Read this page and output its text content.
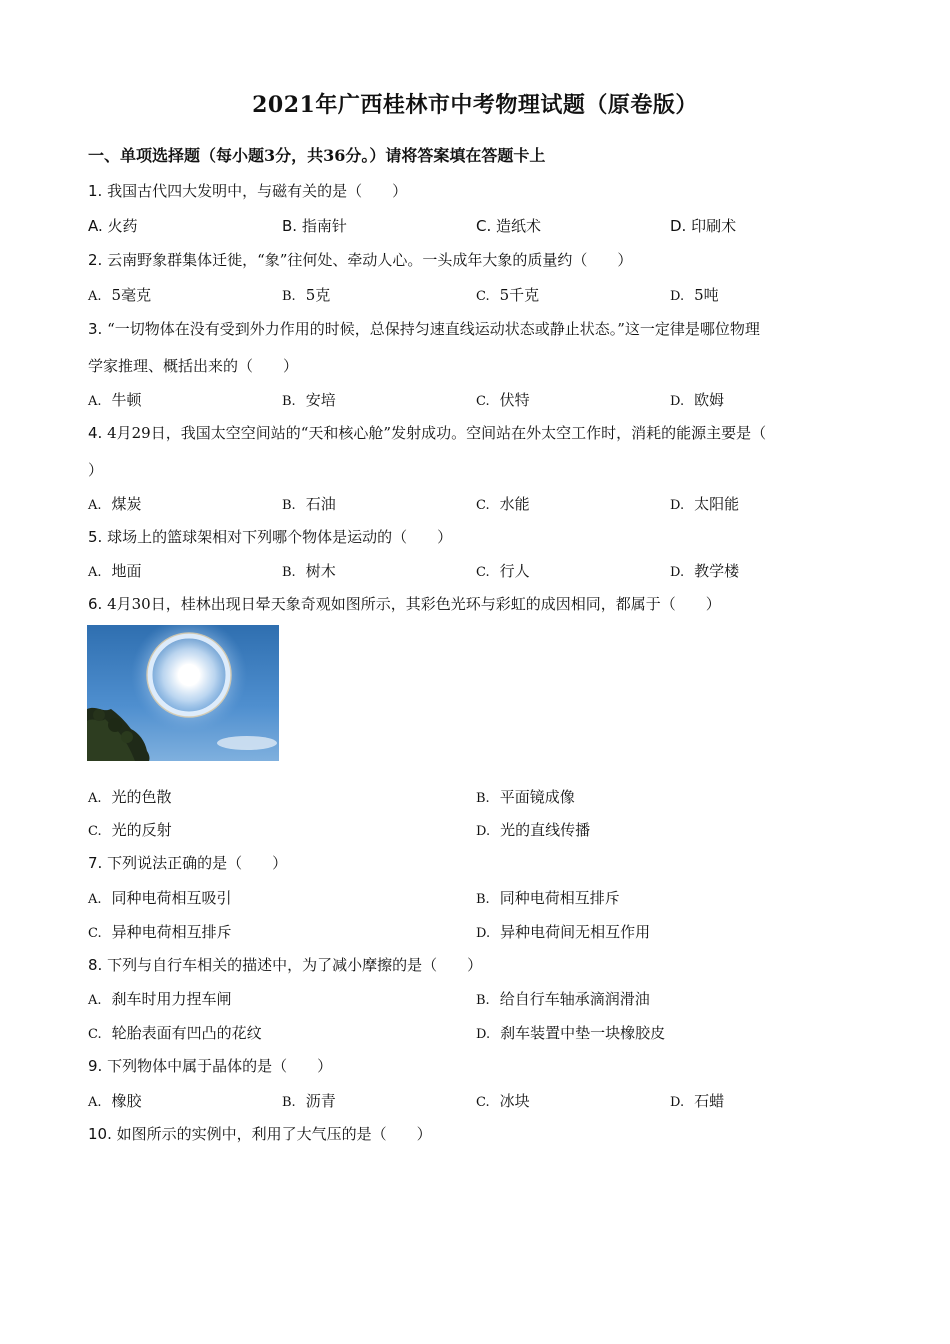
2021年广西桂林市中考物理试题（原卷版）
一、单项选择题（每小题3分，共36分。）请将答案填在答题卡上
1. 我国古代四大发明中，与磁有关的是（　　）
A. 火药	B. 指南针	C. 造纸术	D. 印刷术
2. 云南野象群集体迁徙，“象”往何处、牵动人心。一头成年大象的质量约（　　）
A. 5毫克	B. 5克	C. 5千克	D. 5吨
3. “一切物体在没有受到外力作用的时候，总保持匀速直线运动状态或静止状态。”这一定律是哪位物理
学家推理、概括出来的（　　）
A. 牛顿	B. 安培	C. 伏特	D. 欧姆
4. 4月29日，我国太空空间站的“天和核心舱”发射成功。空间站在外太空工作时，消耗的能源主要是（
）
A. 煤炭	B. 石油	C. 水能	D. 太阳能
5. 球场上的篮球架相对下列哪个物体是运动的（　　）
A. 地面	B. 树木	C. 行人	D. 教学楼
6. 4月30日，桂林出现日晕天象奇观如图所示，其彩色光环与彩虹的成因相同，都属于（　　）
A. 光的色散	B. 平面镜成像
C. 光的反射	D. 光的直线传播
7. 下列说法正确的是（　　）
A. 同种电荷相互吸引	B. 同种电荷相互排斥
C. 异种电荷相互排斥	D. 异种电荷间无相互作用
8. 下列与自行车相关的描述中，为了减小摩擦的是（　　）
A. 刹车时用力捏车闸	B. 给自行车轴承滴润滑油
C. 轮胎表面有凹凸的花纹	D. 刹车装置中垫一块橡胶皮
9. 下列物体中属于晶体的是（　　）
A. 橡胶	B. 沥青	C. 冰块	D. 石蜡
10. 如图所示的实例中，利用了大气压的是（　　）
